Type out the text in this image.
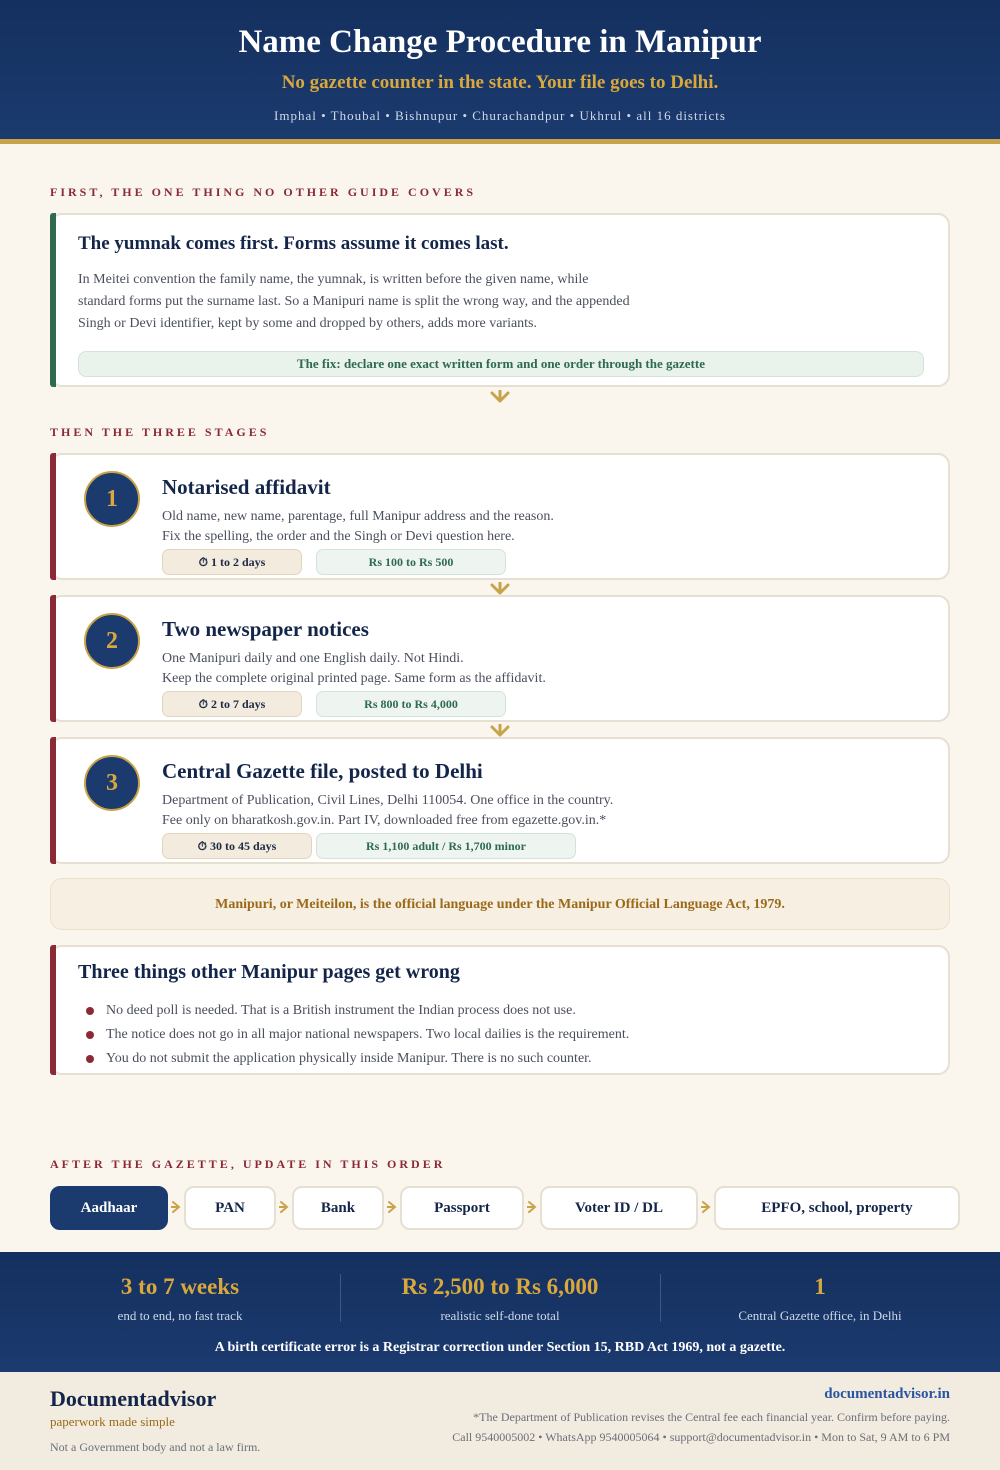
Name Change Procedure in Manipur
No gazette counter in the state. Your file goes to Delhi.
Imphal • Thoubal • Bishnupur • Churachandpur • Ukhrul • all 16 districts
FIRST, THE ONE THING NO OTHER GUIDE COVERS
The yumnak comes first. Forms assume it comes last.
In Meitei convention the family name, the yumnak, is written before the given name, while standard forms put the surname last. So a Manipuri name is split the wrong way, and the appended Singh or Devi identifier, kept by some and dropped by others, adds more variants.
The fix: declare one exact written form and one order through the gazette
THEN THE THREE STAGES
1	Notarised affidavit
Old name, new name, parentage, full Manipur address and the reason.
Fix the spelling, the order and the Singh or Devi question here.
⏱ 1 to 2 days	Rs 100 to Rs 500
2	Two newspaper notices
One Manipuri daily and one English daily. Not Hindi.
Keep the complete original printed page. Same form as the affidavit.
⏱ 2 to 7 days	Rs 800 to Rs 4,000
3	Central Gazette file, posted to Delhi
Department of Publication, Civil Lines, Delhi 110054. One office in the country.
Fee only on bharatkosh.gov.in. Part IV, downloaded free from egazette.gov.in.*
⏱ 30 to 45 days	Rs 1,100 adult / Rs 1,700 minor
Manipuri, or Meiteilon, is the official language under the Manipur Official Language Act, 1979.
Three things other Manipur pages get wrong
No deed poll is needed. That is a British instrument the Indian process does not use.
The notice does not go in all major national newspapers. Two local dailies is the requirement.
You do not submit the application physically inside Manipur. There is no such counter.
AFTER THE GAZETTE, UPDATE IN THIS ORDER
Aadhaar	PAN	Bank	Passport	Voter ID / DL	EPFO, school, property
3 to 7 weeks
end to end, no fast track
Rs 2,500 to Rs 6,000
realistic self-done total
1
Central Gazette office, in Delhi
A birth certificate error is a Registrar correction under Section 15, RBD Act 1969, not a gazette.
Documentadvisor
paperwork made simple
Not a Government body and not a law firm.
documentadvisor.in
*The Department of Publication revises the Central fee each financial year. Confirm before paying.
Call 9540005002 • WhatsApp 9540005064 • support@documentadvisor.in • Mon to Sat, 9 AM to 6 PM
